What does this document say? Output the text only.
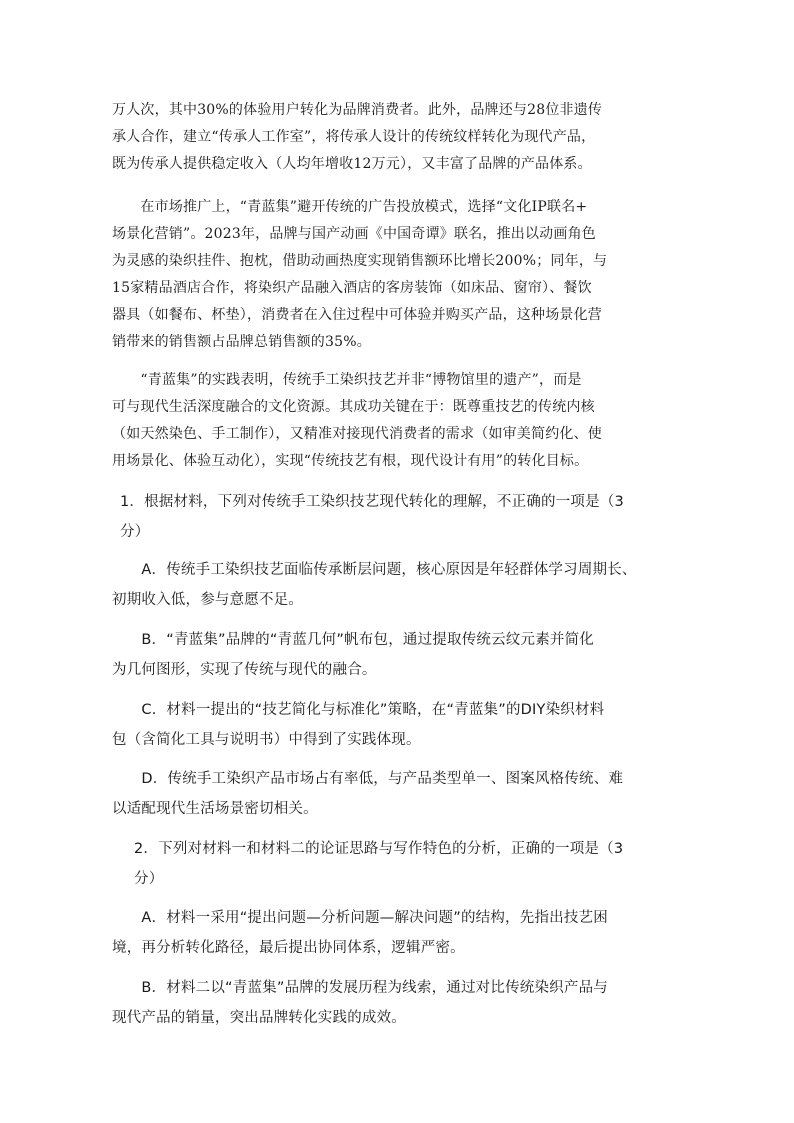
万人次，其中30%的体验用户转化为品牌消费者。此外，品牌还与28位非遗传
承人合作，建立“传承人工作室”，将传承人设计的传统纹样转化为现代产品，
既为传承人提供稳定收入（人均年增收12万元），又丰富了品牌的产品体系。
　　在市场推广上，“青蓝集”避开传统的广告投放模式，选择“文化IP联名+
场景化营销”。2023年，品牌与国产动画《中国奇谭》联名，推出以动画角色
为灵感的染织挂件、抱枕，借助动画热度实现销售额环比增长200%；同年，与
15家精品酒店合作，将染织产品融入酒店的客房装饰（如床品、窗帘）、餐饮
器具（如餐布、杯垫），消费者在入住过程中可体验并购买产品，这种场景化营
销带来的销售额占品牌总销售额的35%。
　　“青蓝集”的实践表明，传统手工染织技艺并非“博物馆里的遗产”，而是
可与现代生活深度融合的文化资源。其成功关键在于：既尊重技艺的传统内核
（如天然染色、手工制作），又精准对接现代消费者的需求（如审美简约化、使
用场景化、体验互动化），实现“传统技艺有根，现代设计有用”的转化目标。
1．根据材料，下列对传统手工染织技艺现代转化的理解，不正确的一项是（3
分）
　　A．传统手工染织技艺面临传承断层问题，核心原因是年轻群体学习周期长、
初期收入低，参与意愿不足。
　　B．“青蓝集”品牌的“青蓝几何”帆布包，通过提取传统云纹元素并简化
为几何图形，实现了传统与现代的融合。
　　C．材料一提出的“技艺简化与标准化”策略，在“青蓝集”的DIY染织材料
包（含简化工具与说明书）中得到了实践体现。
　　D．传统手工染织产品市场占有率低，与产品类型单一、图案风格传统、难
以适配现代生活场景密切相关。
2．下列对材料一和材料二的论证思路与写作特色的分析，正确的一项是（3
分）
　　A．材料一采用“提出问题—分析问题—解决问题”的结构，先指出技艺困
境，再分析转化路径，最后提出协同体系，逻辑严密。
　　B．材料二以“青蓝集”品牌的发展历程为线索，通过对比传统染织产品与
现代产品的销量，突出品牌转化实践的成效。
